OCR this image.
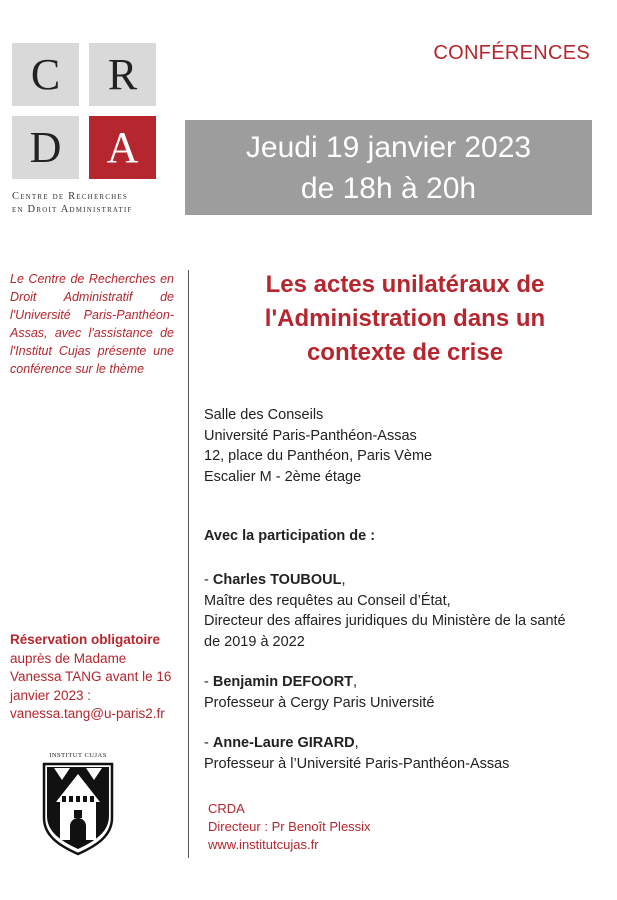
C	R
D	A
Centre de Recherches
en Droit Administratif
CONFÉRENCES
Jeudi 19 janvier 2023
de 18h à 20h
Le Centre de Recherches en Droit Administratif de l'Université Paris-Panthéon-Assas, avec l'assistance de l'Institut Cujas présente une conférence sur le thème
Les actes unilatéraux de
l'Administration dans un
contexte de crise
Salle des Conseils
Université Paris-Panthéon-Assas
12, place du Panthéon, Paris Vème
Escalier M - 2ème étage
Avec la participation de :
- Charles TOUBOUL,
Maître des requêtes au Conseil d’État,
Directeur des affaires juridiques du Ministère de la santé
de 2019 à 2022
- Benjamin DEFOORT,
Professeur à Cergy Paris Université
- Anne-Laure GIRARD,
Professeur à l’Université Paris-Panthéon-Assas
Réservation obligatoire
auprès de Madame
Vanessa TANG avant le 16
janvier 2023 :
vanessa.tang@u-paris2.fr
INSTITUT CUJAS
CRDA
Directeur : Pr Benoît Plessix
www.institutcujas.fr
